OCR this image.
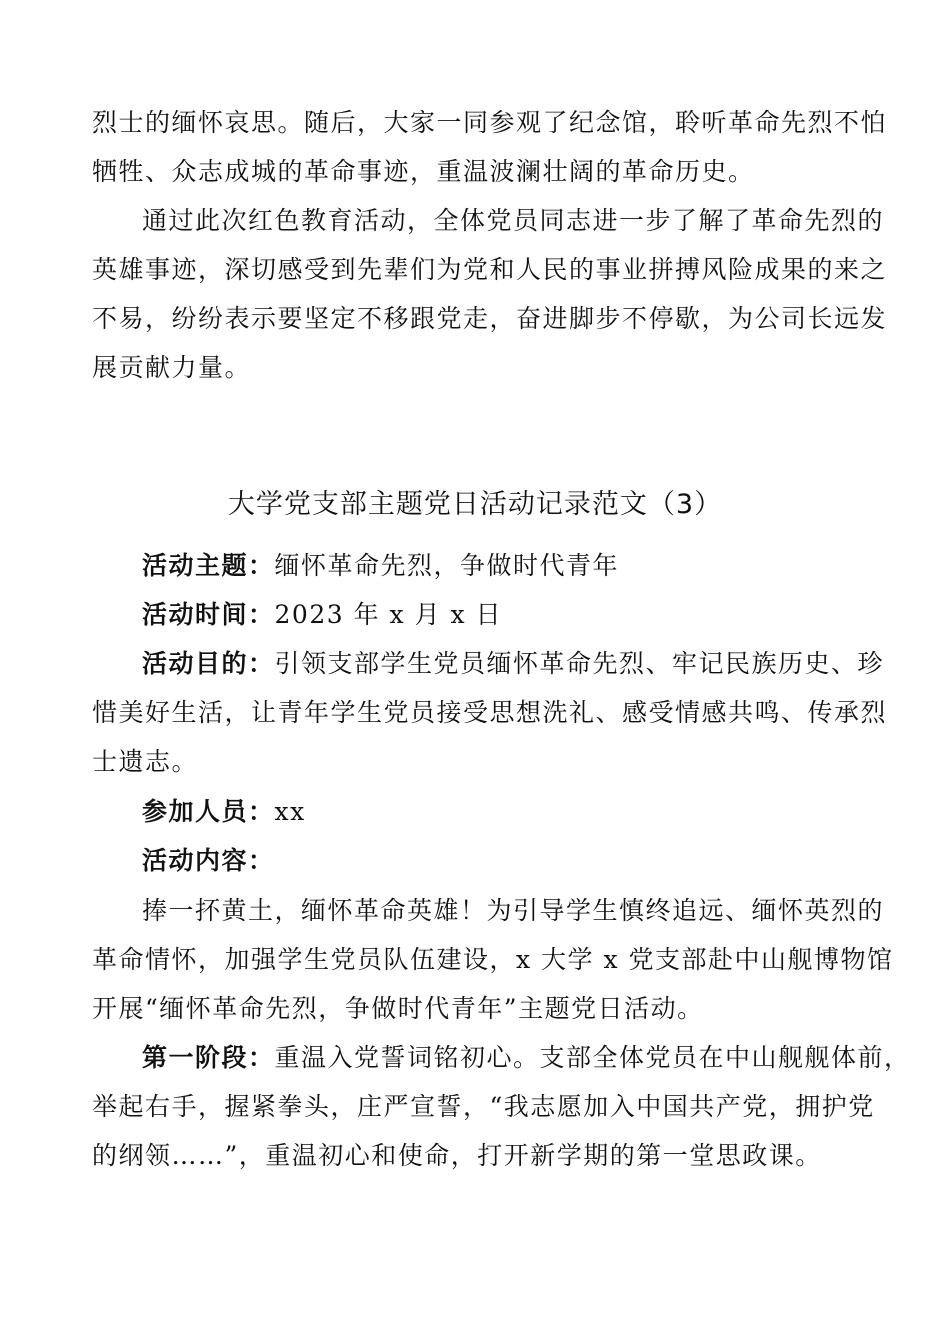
烈士的缅怀哀思。随后，大家一同参观了纪念馆，聆听革命先烈不怕
牺牲、众志成城的革命事迹，重温波澜壮阔的革命历史。
通过此次红色教育活动，全体党员同志进一步了解了革命先烈的
英雄事迹，深切感受到先辈们为党和人民的事业拼搏风险成果的来之
不易，纷纷表示要坚定不移跟党走，奋进脚步不停歇，为公司长远发
展贡献力量。
大学党支部主题党日活动记录范文（3）
活动主题：缅怀革命先烈，争做时代青年
活动时间：2023 年 x 月 x 日
活动目的：引领支部学生党员缅怀革命先烈、牢记民族历史、珍
惜美好生活，让青年学生党员接受思想洗礼、感受情感共鸣、传承烈
士遗志。
参加人员：xx
活动内容：
捧一抔黄土，缅怀革命英雄！为引导学生慎终追远、缅怀英烈的
革命情怀，加强学生党员队伍建设，x 大学 x 党支部赴中山舰博物馆
开展“缅怀革命先烈，争做时代青年”主题党日活动。
第一阶段：重温入党誓词铭初心。支部全体党员在中山舰舰体前，
举起右手，握紧拳头，庄严宣誓，“我志愿加入中国共产党，拥护党
的纲领……”，重温初心和使命，打开新学期的第一堂思政课。
